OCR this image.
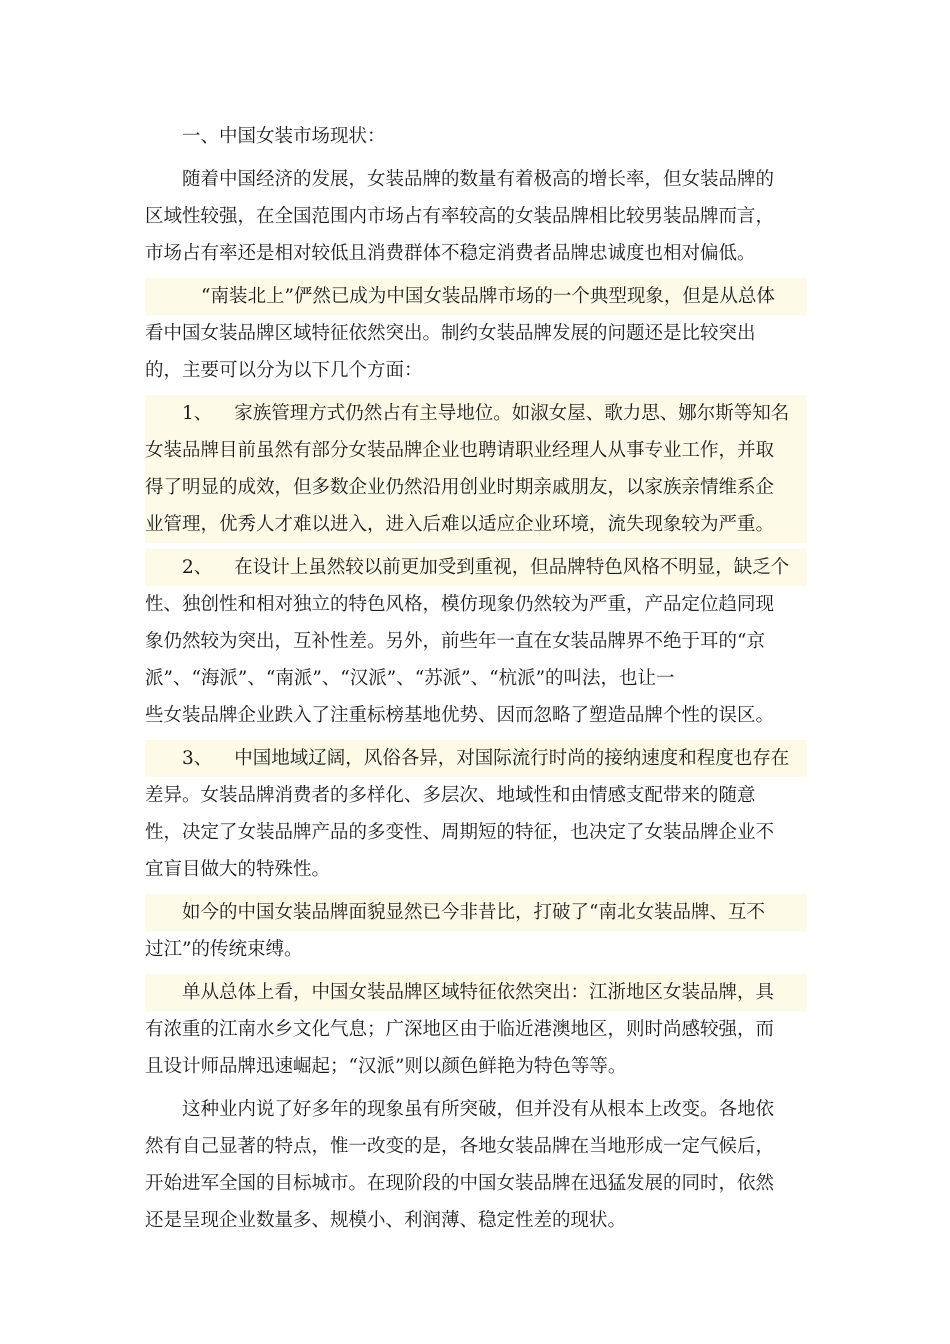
一、中国女装市场现状：

随着中国经济的发展，女装品牌的数量有着极高的增长率，但女装品牌的
区域性较强，在全国范围内市场占有率较高的女装品牌相比较男装品牌而言，
市场占有率还是相对较低且消费群体不稳定消费者品牌忠诚度也相对偏低。

“南装北上”俨然已成为中国女装品牌市场的一个典型现象，但是从总体
看中国女装品牌区域特征依然突出。制约女装品牌发展的问题还是比较突出
的，主要可以分为以下几个方面：

1、 家族管理方式仍然占有主导地位。如淑女屋、歌力思、娜尔斯等知名
女装品牌目前虽然有部分女装品牌企业也聘请职业经理人从事专业工作，并取
得了明显的成效，但多数企业仍然沿用创业时期亲戚朋友，以家族亲情维系企
业管理，优秀人才难以进入，进入后难以适应企业环境，流失现象较为严重。

2、 在设计上虽然较以前更加受到重视，但品牌特色风格不明显，缺乏个
性、独创性和相对独立的特色风格，模仿现象仍然较为严重，产品定位趋同现
象仍然较为突出，互补性差。另外，前些年一直在女装品牌界不绝于耳的“京
派”、“海派”、“南派”、“汉派”、“苏派”、“杭派”的叫法，也让一
些女装品牌企业跌入了注重标榜基地优势、因而忽略了塑造品牌个性的误区。

3、 中国地域辽阔，风俗各异，对国际流行时尚的接纳速度和程度也存在
差异。女装品牌消费者的多样化、多层次、地域性和由情感支配带来的随意
性，决定了女装品牌产品的多变性、周期短的特征，也决定了女装品牌企业不
宜盲目做大的特殊性。

如今的中国女装品牌面貌显然已今非昔比，打破了“南北女装品牌、互不
过江”的传统束缚。

单从总体上看，中国女装品牌区域特征依然突出：江浙地区女装品牌，具
有浓重的江南水乡文化气息；广深地区由于临近港澳地区，则时尚感较强，而
且设计师品牌迅速崛起；“汉派”则以颜色鲜艳为特色等等。

这种业内说了好多年的现象虽有所突破，但并没有从根本上改变。各地依
然有自己显著的特点，惟一改变的是，各地女装品牌在当地形成一定气候后，
开始进军全国的目标城市。在现阶段的中国女装品牌在迅猛发展的同时，依然
还是呈现企业数量多、规模小、利润薄、稳定性差的现状。
